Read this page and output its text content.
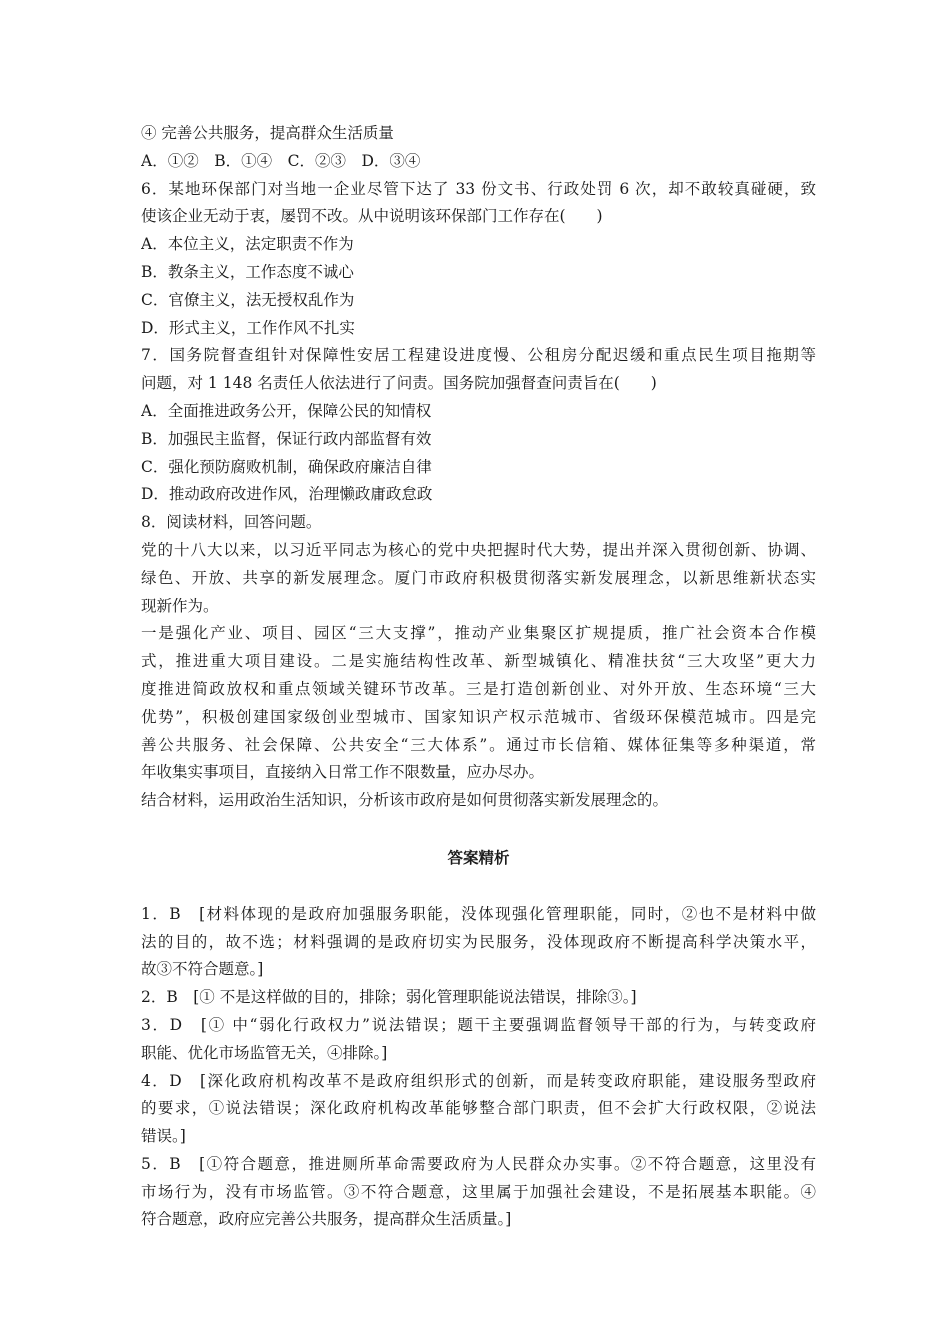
④ 完善公共服务，提高群众生活质量
A．①②　B．①④　C．②③　D．③④
6．某地环保部门对当地一企业尽管下达了 33 份文书、行政处罚 6 次，却不敢较真碰硬，致
使该企业无动于衷，屡罚不改。从中说明该环保部门工作存在(　　)
A．本位主义，法定职责不作为
B．教条主义，工作态度不诚心
C．官僚主义，法无授权乱作为
D．形式主义，工作作风不扎实
7．国务院督查组针对保障性安居工程建设进度慢、公租房分配迟缓和重点民生项目拖期等
问题，对 1 148 名责任人依法进行了问责。国务院加强督查问责旨在(　　)
A．全面推进政务公开，保障公民的知情权
B．加强民主监督，保证行政内部监督有效
C．强化预防腐败机制，确保政府廉洁自律
D．推动政府改进作风，治理懒政庸政怠政
8．阅读材料，回答问题。
党的十八大以来，以习近平同志为核心的党中央把握时代大势，提出并深入贯彻创新、协调、
绿色、开放、共享的新发展理念。厦门市政府积极贯彻落实新发展理念，以新思维新状态实
现新作为。
一是强化产业、项目、园区“三大支撑”，推动产业集聚区扩规提质，推广社会资本合作模
式，推进重大项目建设。二是实施结构性改革、新型城镇化、精准扶贫“三大攻坚”更大力
度推进简政放权和重点领域关键环节改革。三是打造创新创业、对外开放、生态环境“三大
优势”，积极创建国家级创业型城市、国家知识产权示范城市、省级环保模范城市。四是完
善公共服务、社会保障、公共安全“三大体系”。通过市长信箱、媒体征集等多种渠道，常
年收集实事项目，直接纳入日常工作不限数量，应办尽办。
结合材料，运用政治生活知识，分析该市政府是如何贯彻落实新发展理念的。
答案精析
1．B　[材料体现的是政府加强服务职能，没体现强化管理职能，同时，②也不是材料中做
法的目的，故不选；材料强调的是政府切实为民服务，没体现政府不断提高科学决策水平，
故③不符合题意。]
2．B　[① 不是这样做的目的，排除；弱化管理职能说法错误，排除③。]
3．D　[① 中“弱化行政权力”说法错误；题干主要强调监督领导干部的行为，与转变政府
职能、优化市场监管无关，④排除。]
4．D　[深化政府机构改革不是政府组织形式的创新，而是转变政府职能，建设服务型政府
的要求，①说法错误；深化政府机构改革能够整合部门职责，但不会扩大行政权限，②说法
错误。]
5．B　[①符合题意，推进厕所革命需要政府为人民群众办实事。②不符合题意，这里没有
市场行为，没有市场监管。③不符合题意，这里属于加强社会建设，不是拓展基本职能。④
符合题意，政府应完善公共服务，提高群众生活质量。]
